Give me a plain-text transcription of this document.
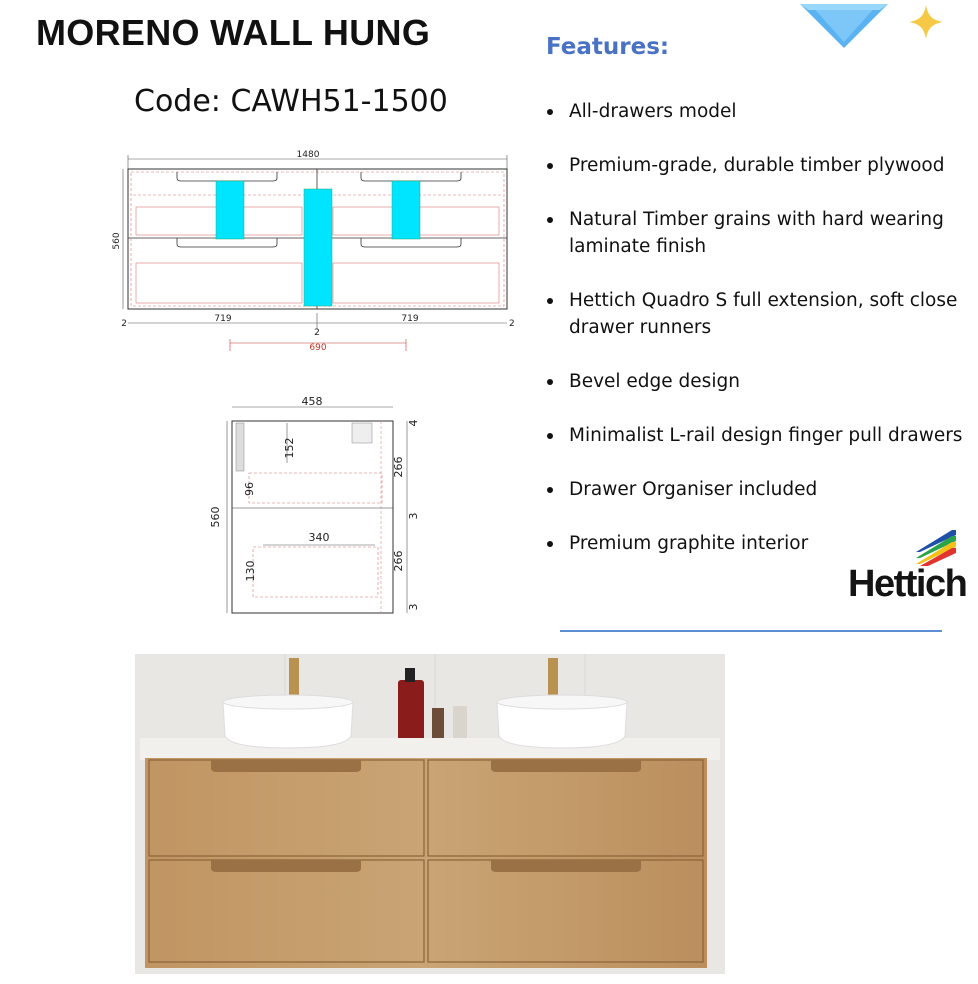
MORENO WALL HUNG
Code: CAWH51-1500
Features:
All-drawers model
Premium-grade, durable timber plywood
Natural Timber grains with hard wearing laminate finish
Hettich Quadro S full extension, soft close drawer runners
Bevel edge design
Minimalist L-rail design finger pull drawers
Drawer Organiser included
Premium graphite interior
Hettich
1480
560
2	719
2
719	2
690
458
560
152
96
340
130
4
266
3
266
3
